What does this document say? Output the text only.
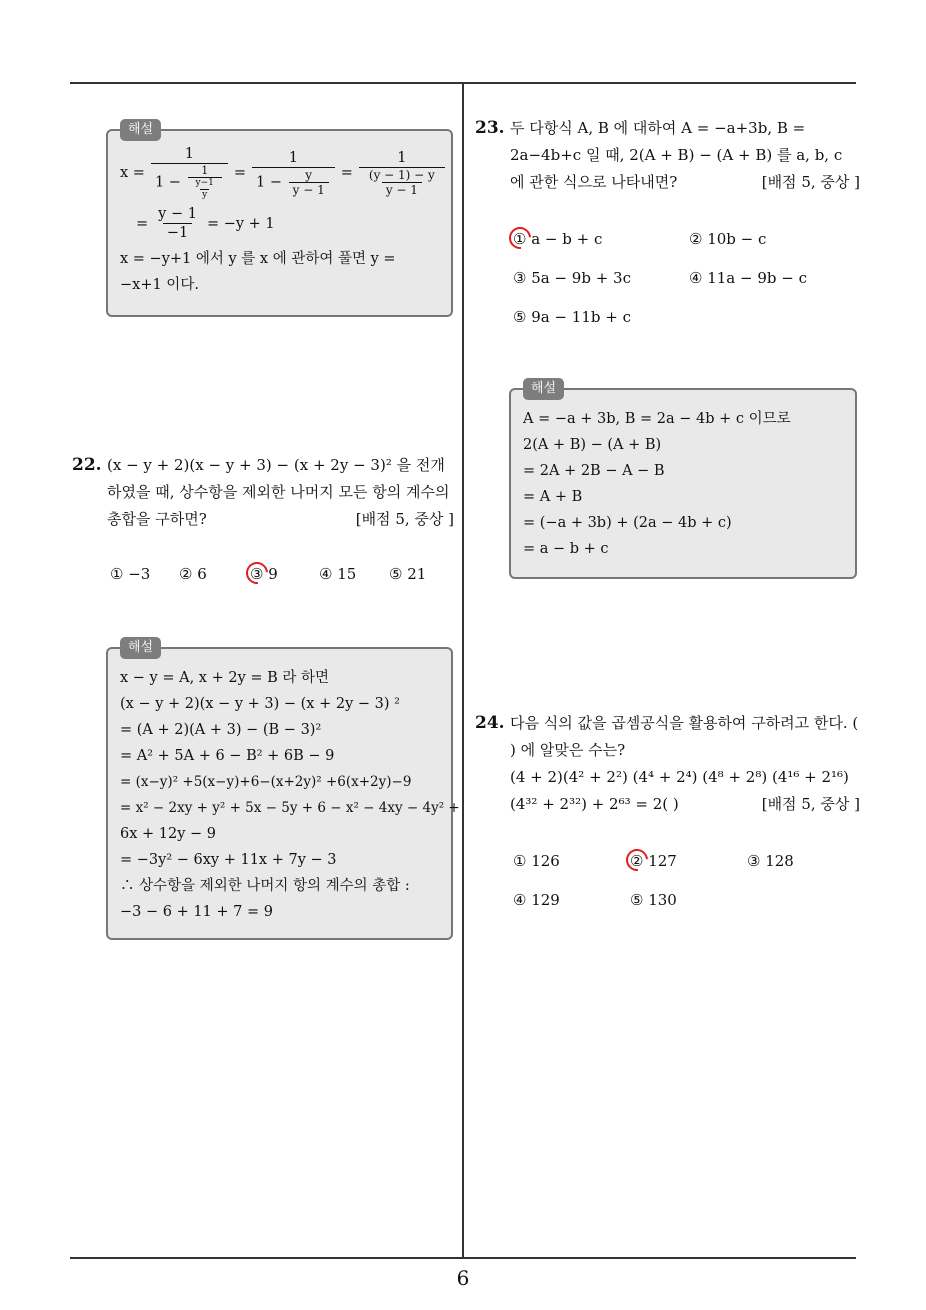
6
해설
x =
1
$1 - \frac{1}{\frac{y-1}{y}} = \frac{1}{1 - \frac{y}{y - 1}} = \frac{1}{\frac{(y - 1) - y}{y - 1}}$
= $\frac{y - 1}{-1} = -y + 1$
x = −y+1 에서 y 를 x 에 관하여 풀면 y = −x+1 이다.
22. (x − y + 2)(x − y + 3) − (x + 2y − 3)² 을 전개하였을 때, 상수항을 제외한 나머지 모든 항의 계수의 총합을 구하면?	[배점 5, 중상 ]
① −3 ② 6	③ 9	④ 15 ⑤ 21
해설
x − y = A, x + 2y = B 라 하면
(x − y + 2)(x − y + 3) − (x + 2y − 3) ²
= (A + 2)(A + 3) − (B − 3)²
= A² + 5A + 6 − B² + 6B − 9
= (x−y)² +5(x−y)+6−(x+2y)² +6(x+2y)−9
= x² − 2xy + y² + 5x − 5y + 6 − x² − 4xy − 4y² +
6x + 12y − 9
= −3y² − 6xy + 11x + 7y − 3
∴ 상수항을 제외한 나머지 항의 계수의 총합 :
−3 − 6 + 11 + 7 = 9
23. 두 다항식 A, B 에 대하여 A = −a+3b, B = 2a−4b+c 일 때, 2(A + B) − (A + B) 를 a, b, c 에 관한 식으로 나타내면?	[배점 5, 중상 ]
① a − b + c	② 10b − c
③ 5a − 9b + 3c	④ 11a − 9b − c
⑤ 9a − 11b + c
해설
A = −a + 3b, B = 2a − 4b + c 이므로
2(A + B) − (A + B)
= 2A + 2B − A − B
= A + B
= (−a + 3b) + (2a − 4b + c)
= a − b + c
24. 다음 식의 값을 곱셈공식을 활용하여 구하려고 한다. ( ) 에 알맞은 수는?
(4 + 2)(4² + 2²) (4⁴ + 2⁴) (4⁸ + 2⁸) (4¹⁶ + 2¹⁶) (4³² + 2³²) + 2⁶³ = 2( )	[배점 5, 중상 ]
① 126	② 127	③ 128
④ 129	⑤ 130
